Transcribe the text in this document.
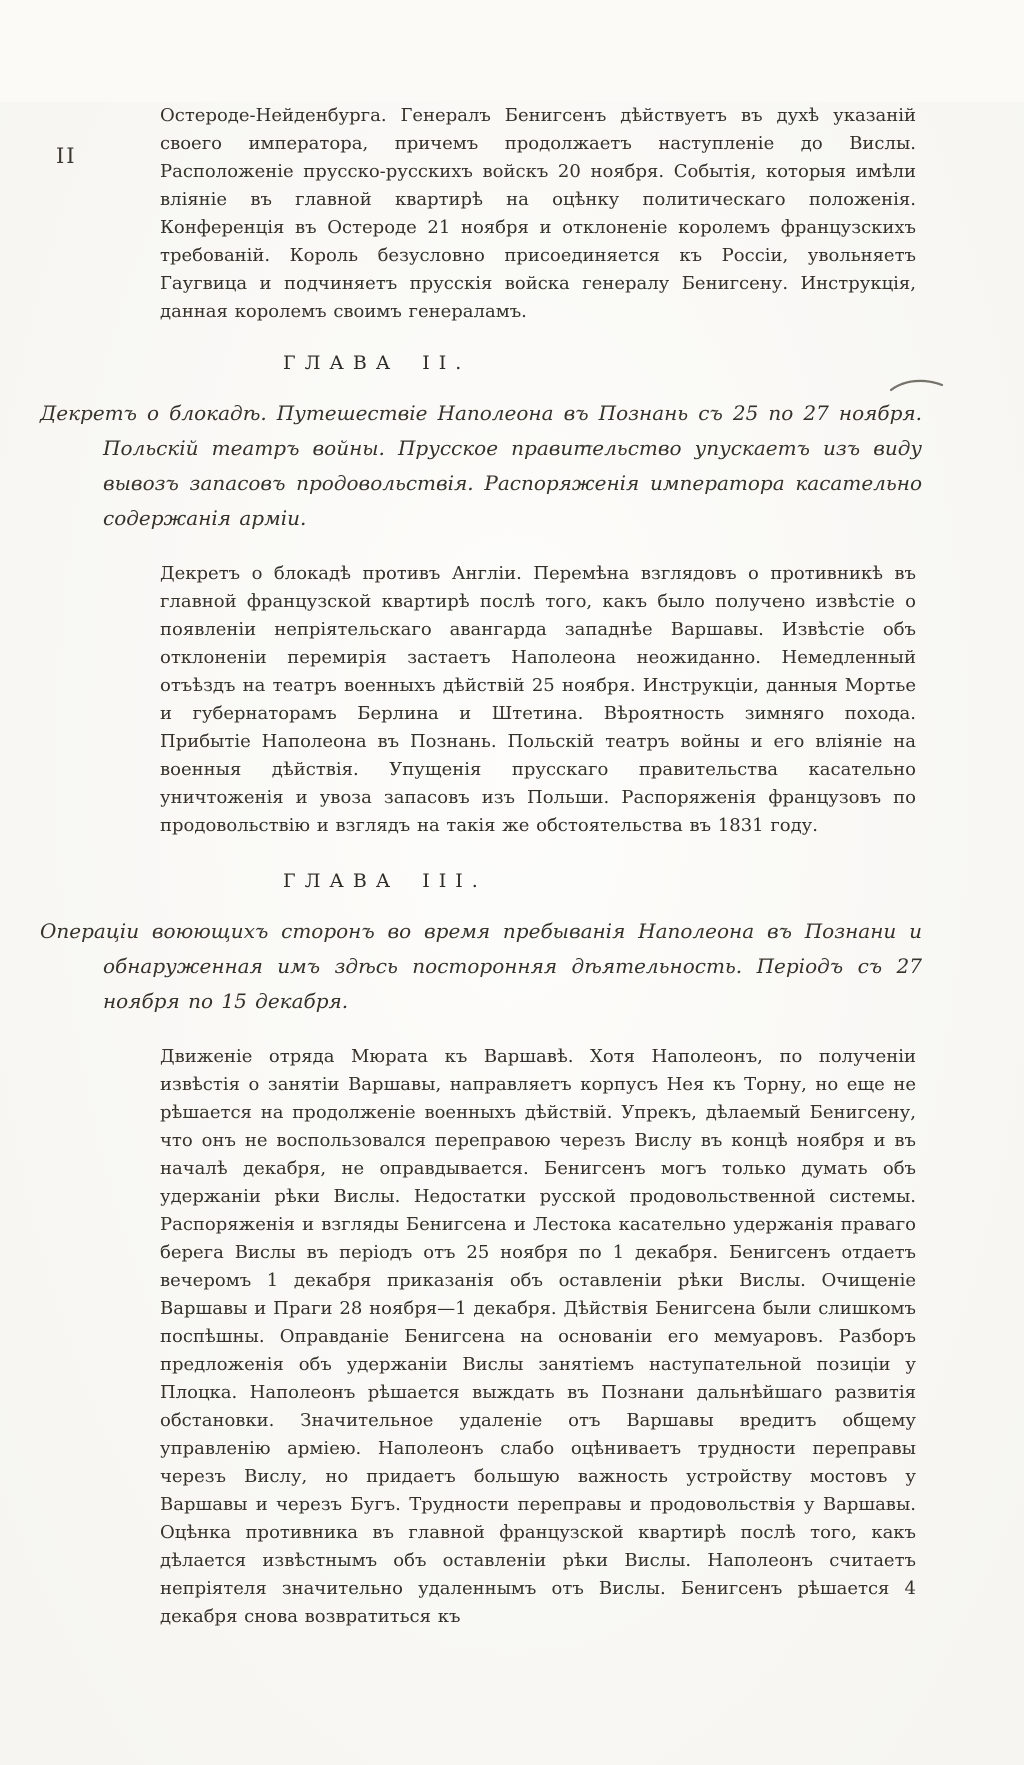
II

Остероде-Нейденбурга. Генералъ Бенигсенъ дѣйствуетъ въ духѣ указаній своего императора, причемъ продолжаетъ наступленіе до Вислы. Расположеніе прусско-русскихъ войскъ 20 ноября. Событія, которыя имѣли вліяніе въ главной квартирѣ на оцѣнку политическаго положенія. Конференція въ Остероде 21 ноября и отклоненіе королемъ французскихъ требованій. Король безусловно присоединяется къ Россіи, увольняетъ Гаугвица и подчиняетъ прусскія войска генералу Бенигсену. Инструкція, данная королемъ своимъ генераламъ.

ГЛАВА II.

Декретъ о блокадѣ. Путешествіе Наполеона въ Познань съ 25 по 27 ноября. Польскій театръ войны. Прусское правительство упускаетъ изъ виду вывозъ запасовъ продовольствія. Распоряженія императора касательно содержанія арміи.

Декретъ о блокадѣ противъ Англіи. Перемѣна взглядовъ о противникѣ въ главной французской квартирѣ послѣ того, какъ было получено извѣстіе о появленіи непріятельскаго авангарда западнѣе Варшавы. Извѣстіе объ отклоненіи перемирія застаетъ Наполеона неожиданно. Немедленный отъѣздъ на театръ военныхъ дѣйствій 25 ноября. Инструкціи, данныя Мортье и губернаторамъ Берлина и Штетина. Вѣроятность зимняго похода. Прибытіе Наполеона въ Познань. Польскій театръ войны и его вліяніе на военныя дѣйствія. Упущенія прусскаго правительства касательно уничтоженія и увоза запасовъ изъ Польши. Распоряженія французовъ по продовольствію и взглядъ на такія же обстоятельства въ 1831 году.

ГЛАВА III.

Операціи воюющихъ сторонъ во время пребыванія Наполеона въ Познани и обнаруженная имъ здѣсь посторонняя дѣятельность. Періодъ съ 27 ноября по 15 декабря.

Движеніе отряда Мюрата къ Варшавѣ. Хотя Наполеонъ, по полученіи извѣстія о занятіи Варшавы, направляетъ корпусъ Нея къ Торну, но еще не рѣшается на продолженіе военныхъ дѣйствій. Упрекъ, дѣлаемый Бенигсену, что онъ не воспользовался переправою черезъ Вислу въ концѣ ноября и въ началѣ декабря, не оправдывается. Бенигсенъ могъ только думать объ удержаніи рѣки Вислы. Недостатки русской продовольственной системы. Распоряженія и взгляды Бенигсена и Лестока касательно удержанія праваго берега Вислы въ періодъ отъ 25 ноября по 1 декабря. Бенигсенъ отдаетъ вечеромъ 1 декабря приказанія объ оставленіи рѣки Вислы. Очищеніе Варшавы и Праги 28 ноября—1 декабря. Дѣйствія Бенигсена были слишкомъ поспѣшны. Оправданіе Бенигсена на основаніи его мемуаровъ. Разборъ предложенія объ удержаніи Вислы занятіемъ наступательной позиціи у Плоцка. Наполеонъ рѣшается выждать въ Познани дальнѣйшаго развитія обстановки. Значительное удаленіе отъ Варшавы вредитъ общему управленію арміею. Наполеонъ слабо оцѣниваетъ трудности переправы черезъ Вислу, но придаетъ большую важность устройству мостовъ у Варшавы и черезъ Бугъ. Трудности переправы и продовольствія у Варшавы. Оцѣнка противника въ главной французской квартирѣ послѣ того, какъ дѣлается извѣстнымъ объ оставленіи рѣки Вислы. Наполеонъ считаетъ непріятеля значительно удаленнымъ отъ Вислы. Бенигсенъ рѣшается 4 декабря снова возвратиться къ
